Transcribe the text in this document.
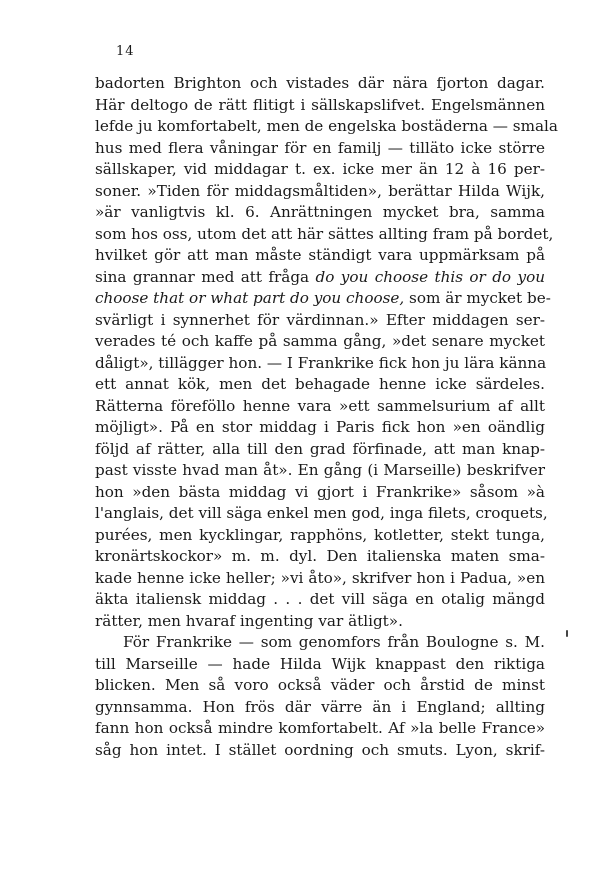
14
badorten Brighton och vistades där nära fjorton dagar.
Här deltogo de rätt flitigt i sällskapslifvet. Engelsmännen
lefde ju komfortabelt, men de engelska bostäderna — smala
hus med flera våningar för en familj — tilläto icke större
sällskaper, vid middagar t. ex. icke mer än 12 à 16 per-
soner. »Tiden för middagsmåltiden», berättar Hilda Wijk,
»är vanligtvis kl. 6. Anrättningen mycket bra, samma
som hos oss, utom det att här sättes allting fram på bordet,
hvilket gör att man måste ständigt vara uppmärksam på
sina grannar med att fråga do you choose this or do you
choose that or what part do you choose, som är mycket be-
svärligt i synnerhet för värdinnan.» Efter middagen ser-
verades té och kaffe på samma gång, »det senare mycket
dåligt», tillägger hon. — I Frankrike fick hon ju lära känna
ett annat kök, men det behagade henne icke särdeles.
Rätterna föreföllo henne vara »ett sammelsurium af allt
möjligt». På en stor middag i Paris fick hon »en oändlig
följd af rätter, alla till den grad förfinade, att man knap-
past visste hvad man åt». En gång (i Marseille) beskrifver
hon »den bästa middag vi gjort i Frankrike» såsom »à
l'anglais, det vill säga enkel men god, inga filets, croquets,
purées, men kycklingar, rapphöns, kotletter, stekt tunga,
kronärtskockor» m. m. dyl. Den italienska maten sma-
kade henne icke heller; »vi åto», skrifver hon i Padua, »en
äkta italiensk middag . . . det vill säga en otalig mängd
rätter, men hvaraf ingenting var ätligt».
För Frankrike — som genomfors från Boulogne s. M.
till Marseille — hade Hilda Wijk knappast den riktiga
blicken. Men så voro också väder och årstid de minst
gynnsamma. Hon frös där värre än i England; allting
fann hon också mindre komfortabelt. Af »la belle France»
såg hon intet. I stället oordning och smuts. Lyon, skrif-
